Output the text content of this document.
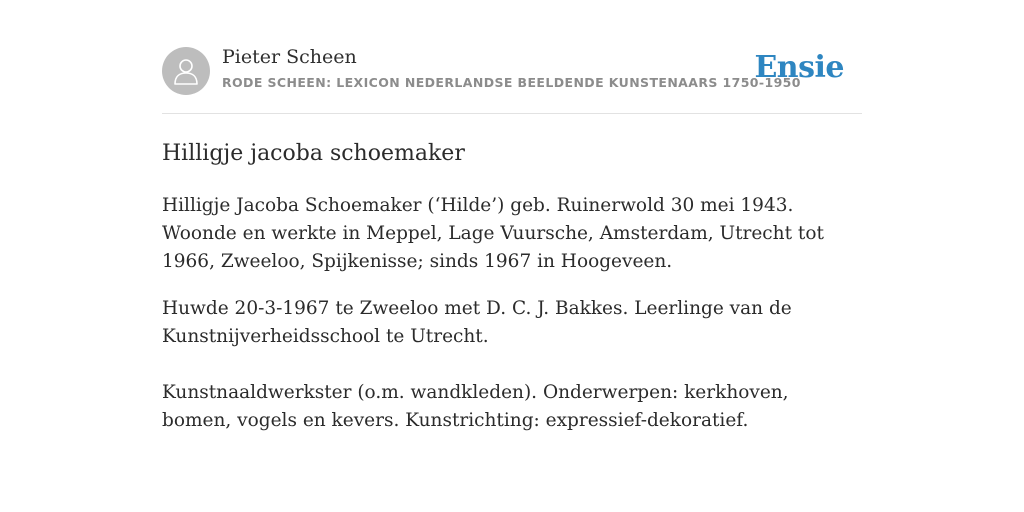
Pieter Scheen
RODE SCHEEN: LEXICON NEDERLANDSE BEELDENDE KUNSTENAARS 1750-1950
Ensie
Hilligje jacoba schoemaker

Hilligje Jacoba Schoemaker (‘Hilde’) geb. Ruinerwold 30 mei 1943. Woonde en werkte in Meppel, Lage Vuursche, Amsterdam, Utrecht tot 1966, Zweeloo, Spijkenisse; sinds 1967 in Hoogeveen.

Huwde 20-3-1967 te Zweeloo met D. C. J. Bakkes. Leerlinge van de Kunstnijverheidsschool te Utrecht.

Kunstnaaldwerkster (o.m. wandkleden). Onderwerpen: kerkhoven, bomen, vogels en kevers. Kunstrichting: expressief-dekoratief.
